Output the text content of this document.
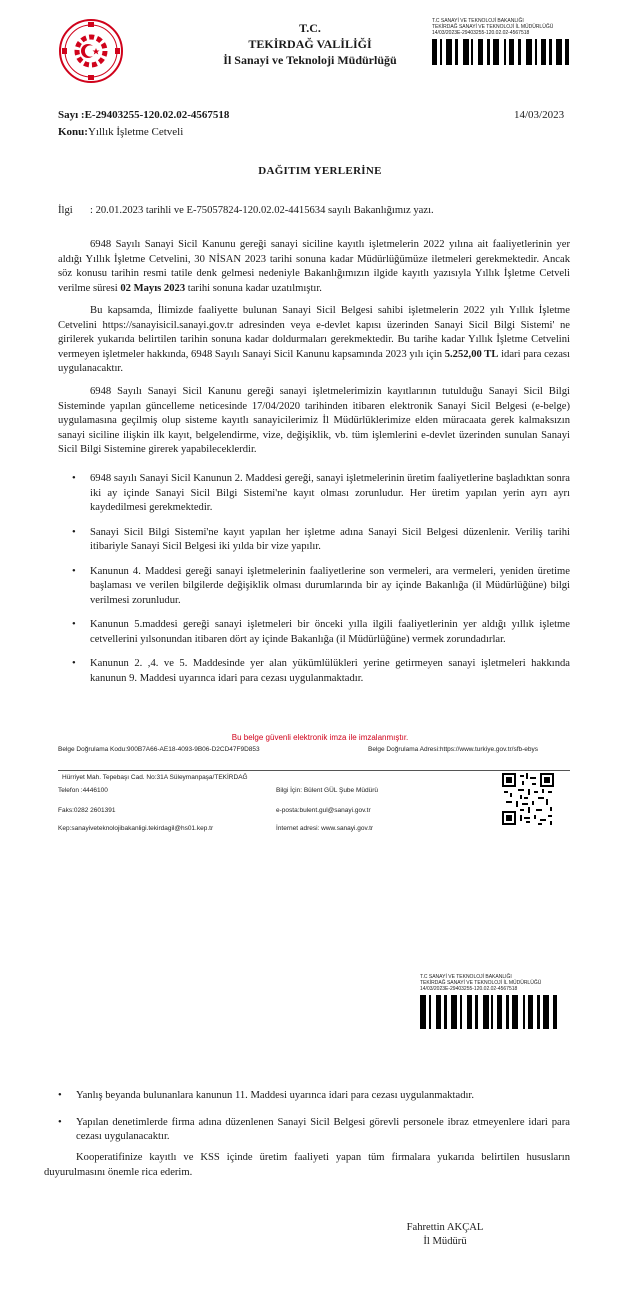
T.C.
TEKİRDAĞ VALİLİĞİ
İl Sanayi ve Teknoloji Müdürlüğü
T.C SANAYİ VE TEKNOLOJİ BAKANLIĞI
TEKİRDAĞ SANAYİ VE TEKNOLOJİ İL MÜDÜRLÜĞÜ
14/03/2023E-29403255-120.02.02-4567518
Sayı :E-29403255-120.02.02-4567518	14/03/2023
Konu:Yıllık İşletme Cetveli
DAĞITIM YERLERİNE
İlgi : 20.01.2023 tarihli ve E-75057824-120.02.02-4415634 sayılı Bakanlığımız yazı.
6948 Sayılı Sanayi Sicil Kanunu gereği sanayi siciline kayıtlı işletmelerin 2022 yılına ait faaliyetlerinin yer aldığı Yıllık İşletme Cetvelini, 30 NİSAN 2023 tarihi sonuna kadar Müdürlüğümüze iletmeleri gerekmektedir. Ancak söz konusu tarihin resmi tatile denk gelmesi nedeniyle Bakanlığımızın ilgide kayıtlı yazısıyla Yıllık İşletme Cetveli verilme süresi 02 Mayıs 2023 tarihi sonuna kadar uzatılmıştır.
Bu kapsamda, İlimizde faaliyette bulunan Sanayi Sicil Belgesi sahibi işletmelerin 2022 yılı Yıllık İşletme Cetvelini https://sanayisicil.sanayi.gov.tr adresinden veya e-devlet kapısı üzerinden Sanayi Sicil Bilgi Sistemi' ne girilerek yukarıda belirtilen tarihin sonuna kadar doldurmaları gerekmektedir. Bu tarihe kadar Yıllık İşletme Cetvelini vermeyen işletmeler hakkında, 6948 Sayılı Sanayi Sicil Kanunu kapsamında 2023 yılı için 5.252,00 TL idari para cezası uygulanacaktır.
6948 Sayılı Sanayi Sicil Kanunu gereği sanayi işletmelerimizin kayıtlarının tutulduğu Sanayi Sicil Bilgi Sisteminde yapılan güncelleme neticesinde 17/04/2020 tarihinden itibaren elektronik Sanayi Sicil Belgesi (e-belge) uygulamasına geçilmiş olup sisteme kayıtlı sanayicilerimiz İl Müdürlüklerimize elden müracaata gerek kalmaksızın sanayi siciline ilişkin ilk kayıt, belgelendirme, vize, değişiklik, vb. tüm işlemlerini e-devlet üzerinden sunulan Sanayi Sicil Bilgi Sistemine girerek yapabileceklerdir.
• 6948 sayılı Sanayi Sicil Kanunun 2. Maddesi gereği, sanayi işletmelerinin üretim faaliyetlerine başladıktan sonra iki ay içinde Sanayi Sicil Bilgi Sistemi'ne kayıt olması zorunludur. Her üretim yapılan yerin ayrı ayrı kaydedilmesi gerekmektedir.
• Sanayi Sicil Bilgi Sistemi'ne kayıt yapılan her işletme adına Sanayi Sicil Belgesi düzenlenir. Veriliş tarihi itibariyle Sanayi Sicil Belgesi iki yılda bir vize yapılır.
• Kanunun 4. Maddesi gereği sanayi işletmelerinin faaliyetlerine son vermeleri, ara vermeleri, yeniden üretime başlaması ve verilen bilgilerde değişiklik olması durumlarında bir ay içinde Bakanlığa (il Müdürlüğüne) bilgi verilmesi zorunludur.
• Kanunun 5.maddesi gereği sanayi işletmeleri bir önceki yılla ilgili faaliyetlerinin yer aldığı yıllık işletme cetvellerini yılsonundan itibaren dört ay içinde Bakanlığa (il Müdürlüğüne) vermek zorundadırlar.
• Kanunun 2. ,4. ve 5. Maddesinde yer alan yükümlülükleri yerine getirmeyen sanayi işletmeleri hakkında kanunun 9. Maddesi uyarınca idari para cezası uygulanmaktadır.
Bu belge güvenli elektronik imza ile imzalanmıştır.
Belge Doğrulama Kodu:900B7A66-AE18-4093-9B06-D2CD47F9D853	Belge Doğrulama Adresi:https://www.turkiye.gov.tr/sfb-ebys
Hürriyet Mah. Tepebaşı Cad. No:31A Süleymanpaşa/TEKİRDAĞ
Telefon :4446100
Faks:0282 2601391
Kep:sanayiveteknolojibakanligi.tekirdagil@hs01.kep.tr
Bilgi İçin: Bülent GÜL Şube Müdürü
e-posta:bulent.gul@sanayi.gov.tr
İnternet adresi: www.sanayi.gov.tr
T.C SANAYİ VE TEKNOLOJİ BAKANLIĞI
TEKİRDAĞ SANAYİ VE TEKNOLOJİ İL MÜDÜRLÜĞÜ
14/03/2023E-29403255-120.02.02-4567518
• Yanlış beyanda bulunanlara kanunun 11. Maddesi uyarınca idari para cezası uygulanmaktadır.
• Yapılan denetimlerde firma adına düzenlenen Sanayi Sicil Belgesi görevli personele ibraz etmeyenlere idari para cezası uygulanacaktır.
Kooperatifinize kayıtlı ve KSS içinde üretim faaliyeti yapan tüm firmalara yukarıda belirtilen hususların duyurulmasını önemle rica ederim.
Fahrettin AKÇAL
İl Müdürü
